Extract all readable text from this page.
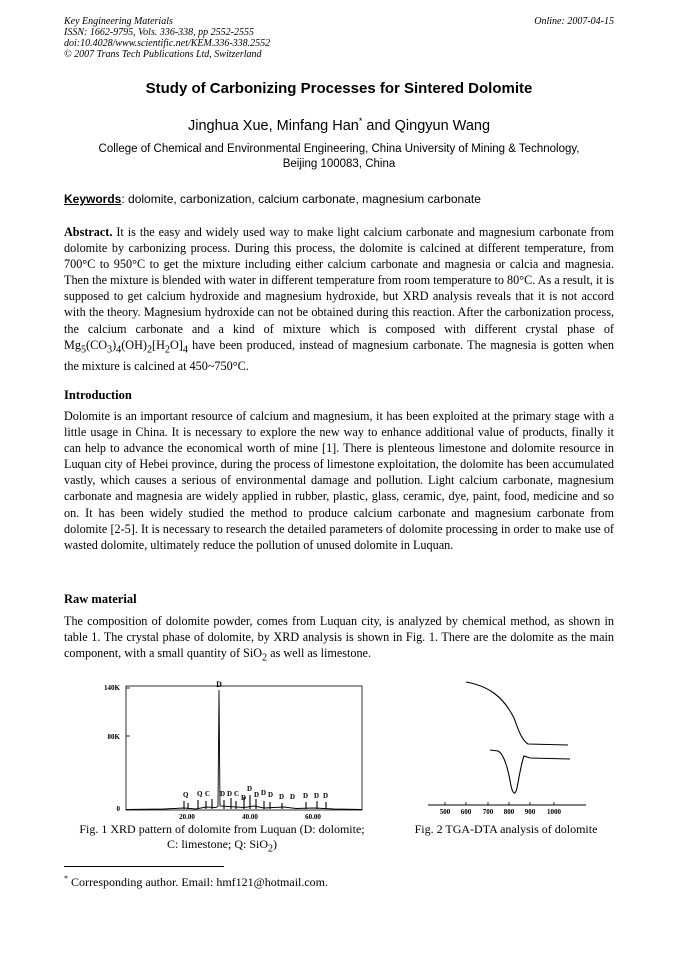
Key Engineering Materials
ISSN: 1662-9795, Vols. 336-338, pp 2552-2555
doi:10.4028/www.scientific.net/KEM.336-338.2552
© 2007 Trans Tech Publications Ltd, Switzerland
Online: 2007-04-15
Study of Carbonizing Processes for Sintered Dolomite
Jinghua Xue, Minfang Han* and Qingyun Wang
College of Chemical and Environmental Engineering, China University of Mining & Technology,
Beijing 100083, China
Keywords: dolomite, carbonization, calcium carbonate, magnesium carbonate
Abstract. It is the easy and widely used way to make light calcium carbonate and magnesium carbonate from dolomite by carbonizing process. During this process, the dolomite is calcined at different temperature, from 700°C to 950°C to get the mixture including either calcium carbonate and magnesia or calcia and magnesia. Then the mixture is blended with water in different temperature from room temperature to 80°C. As a result, it is supposed to get calcium hydroxide and magnesium hydroxide, but XRD analysis reveals that it is not accord with the theory. Magnesium hydroxide can not be obtained during this reaction. After the carbonization process, the calcium carbonate and a kind of mixture which is composed with different crystal phase of $Mg_5(CO_3)_4(OH)_2[H_2O]_4$ have been produced, instead of magnesium carbonate. The magnesia is gotten when the mixture is calcined at 450~750°C.
Introduction
Dolomite is an important resource of calcium and magnesium, it has been exploited at the primary stage with a little usage in China. It is necessary to explore the new way to enhance additional value of products, finally it can help to advance the economical worth of mine [1]. There is plenteous limestone and dolomite resource in Luquan city of Hebei province, during the process of limestone exploitation, the dolomite has been accumulated vastly, which causes a serious of environmental damage and pollution. Light calcium carbonate, magnesium carbonate and magnesia are widely applied in rubber, plastic, glass, ceramic, dye, paint, food, medicine and so on. It has been widely studied the method to produce calcium carbonate and magnesium carbonate from dolomite [2-5]. It is necessary to research the detailed parameters of dolomite processing in order to make use of wasted dolomite, ultimately reduce the pollution of unused dolomite in Luquan.
Raw material
The composition of dolomite powder, comes from Luquan city, is analyzed by chemical method, as shown in table 1. The crystal phase of dolomite, by XRD analysis is shown in Fig. 1. There are the dolomite as the main component, with a small quantity of SiO$_2$ as well as limestone.
140K
80K
0
D
Q Q C D D C D
D
D D D D	D D D
D
20.00	40.00	60.00
Fig. 1 XRD pattern of dolomite from Luquan (D: dolomite;
C: limestone; Q: SiO$_2$)
500 600 700 800 900 1000
Fig. 2 TGA-DTA analysis of dolomite
* Corresponding author. Email: hmf121@hotmail.com.
